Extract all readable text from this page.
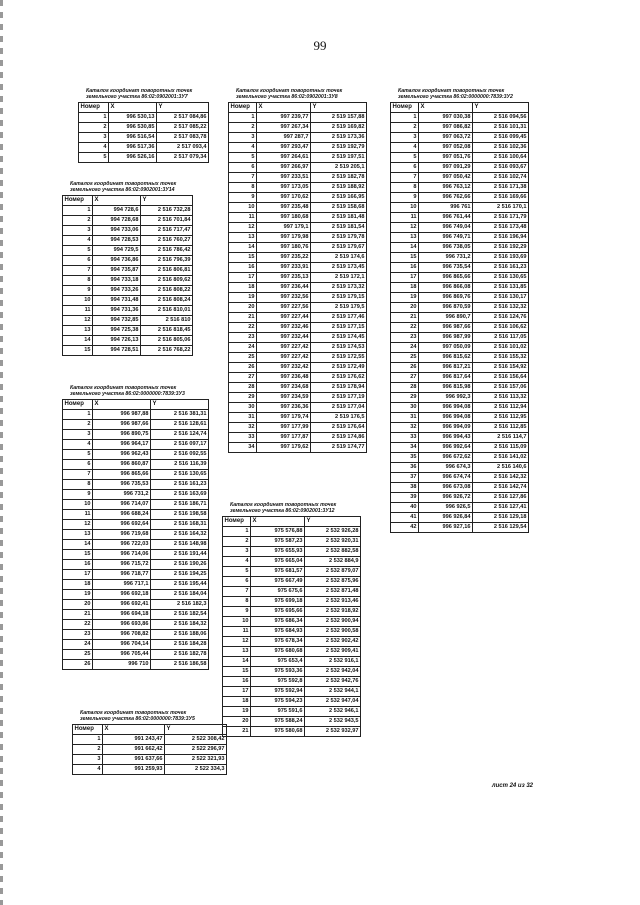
99
Каталог координат поворотных точек
земельного участка 86:02:0902001:3У7
Номер	X	Y
1	996 530,13	2 517 084,86
2	996 530,85	2 517 085,22
3	996 516,54	2 517 083,78
4	996 517,36	2 517 093,4
5	996 526,16	2 517 079,34
Каталог координат поворотных точек
земельного участка 86:02:0902001:3У14
Номер	X	Y
1	994 728,6	2 516 732,28
2	994 728,68	2 516 701,84
3	994 733,06	2 516 717,47
4	994 728,53	2 516 760,27
5	994 729,5	2 516 786,42
6	994 736,86	2 516 796,39
7	994 735,87	2 516 806,81
8	994 733,18	2 516 809,62
9	994 733,26	2 516 808,22
10	994 731,48	2 516 808,24
11	994 731,36	2 516 810,01
12	994 732,85	2 516 810
13	994 725,38	2 516 818,45
14	994 726,13	2 516 805,06
15	994 728,51	2 516 768,22
Каталог координат поворотных точек
земельного участка 86:02:0000000:7839:3У3
Номер	X	Y
1	996 987,88	2 516 381,31
2	996 987,66	2 516 128,61
3	996 890,75	2 516 124,74
4	996 964,17	2 516 097,17
5	996 962,43	2 516 092,55
6	996 860,87	2 516 116,39
7	996 865,66	2 516 130,65
8	996 735,53	2 516 161,23
9	996 731,2	2 516 163,69
10	996 714,07	2 516 186,71
11	996 688,24	2 516 198,58
12	996 692,64	2 516 168,31
13	996 719,68	2 516 164,32
14	996 722,03	2 516 148,98
15	996 714,06	2 516 191,44
16	996 715,72	2 516 190,26
17	996 718,77	2 516 194,25
18	996 717,1	2 516 195,44
19	996 692,18	2 516 184,04
20	996 692,41	2 516 182,3
21	996 694,18	2 516 182,54
22	996 693,86	2 516 184,32
23	996 708,82	2 516 188,06
24	996 704,14	2 516 184,28
25	996 705,44	2 516 182,78
26	996 710	2 516 186,58
Каталог координат поворотных точек
земельного участка 86:02:0000000:7839:3У5
Номер	X	Y
1	991 243,47	2 522 308,42
2	991 662,42	2 522 296,97
3	991 637,66	2 522 321,93
4	991 259,93	2 522 334,3
Каталог координат поворотных точек
земельного участка 86:02:0902001:3У8
Номер	X	Y
1	997 239,77	2 519 157,88
2	997 267,34	2 519 169,82
3	997 287,7	2 519 173,36
4	997 293,47	2 519 192,79
5	997 264,61	2 519 197,51
6	997 266,97	2 519 205,1
7	997 233,51	2 519 182,78
8	997 173,05	2 519 188,92
9	997 170,62	2 519 166,95
10	997 235,48	2 519 158,68
11	997 180,68	2 519 181,48
12	997 179,1	2 519 181,54
13	997 179,98	2 519 179,78
14	997 180,76	2 519 179,67
15	997 235,22	2 519 174,6
16	997 233,91	2 519 173,45
17	997 235,13	2 519 172,1
18	997 236,44	2 519 173,32
19	997 232,56	2 519 179,15
20	997 227,56	2 519 179,5
21	997 227,44	2 519 177,46
22	997 232,46	2 519 177,15
23	997 232,44	2 519 174,45
24	997 227,42	2 519 174,53
25	997 227,42	2 519 172,55
26	997 232,42	2 519 172,49
27	997 236,48	2 519 176,62
28	997 234,68	2 519 178,94
29	997 234,59	2 519 177,19
30	997 236,36	2 519 177,04
31	997 179,74	2 519 176,5
32	997 177,99	2 519 176,64
33	997 177,87	2 519 174,86
34	997 179,62	2 519 174,77
Каталог координат поворотных точек
земельного участка 86:02:0902001:3У12
Номер	X	Y
1	975 576,88	2 532 926,28
2	975 587,23	2 532 920,31
3	975 655,93	2 532 882,58
4	975 665,04	2 532 884,9
5	975 681,57	2 532 879,07
6	975 667,49	2 532 875,96
7	975 675,6	2 532 871,48
8	975 699,18	2 532 913,46
9	975 695,66	2 532 918,92
10	975 686,34	2 532 900,94
11	975 684,93	2 532 900,58
12	975 678,34	2 532 902,42
13	975 680,68	2 532 909,41
14	975 653,4	2 532 916,1
15	975 593,36	2 532 942,04
16	975 592,8	2 532 942,76
17	975 592,94	2 532 944,1
18	975 594,23	2 532 947,04
19	975 591,6	2 532 946,1
20	975 588,24	2 532 943,5
21	975 580,68	2 532 932,97
Каталог координат поворотных точек
земельного участка 86:02:0000000:7839:3У2
Номер	X	Y
1	997 030,38	2 516 094,56
2	997 086,82	2 516 101,31
3	997 063,72	2 516 099,45
4	997 052,08	2 516 102,36
5	997 051,76	2 516 100,64
6	997 091,29	2 516 093,67
7	997 050,42	2 516 102,74
8	996 763,12	2 516 171,38
9	996 762,66	2 516 169,66
10	996 761	2 516 170,1
11	996 761,44	2 516 171,79
12	996 749,04	2 516 173,48
13	996 749,71	2 516 196,94
14	996 738,05	2 516 192,29
15	996 731,2	2 516 193,69
16	996 735,54	2 516 161,23
17	996 865,66	2 516 130,65
18	996 866,08	2 516 131,85
19	996 869,76	2 516 130,17
20	996 870,59	2 516 132,32
21	996 890,7	2 516 124,76
22	996 987,66	2 516 106,62
23	996 987,99	2 516 117,05
24	997 050,09	2 516 101,02
25	996 815,62	2 516 155,32
26	996 817,21	2 516 154,92
27	996 817,64	2 516 156,64
28	996 815,98	2 516 157,06
29	996 992,3	2 516 113,32
30	996 994,08	2 516 112,94
31	996 994,08	2 516 112,95
32	996 994,09	2 516 112,85
33	996 994,43	2 516 114,7
34	996 992,64	2 516 115,09
35	996 672,62	2 516 141,02
36	996 674,3	2 516 140,6
37	996 674,74	2 516 142,32
38	996 673,08	2 516 142,74
39	996 926,72	2 516 127,86
40	996 926,5	2 516 127,41
41	996 926,84	2 516 129,18
42	996 927,16	2 516 129,54
лист 24 из 32
